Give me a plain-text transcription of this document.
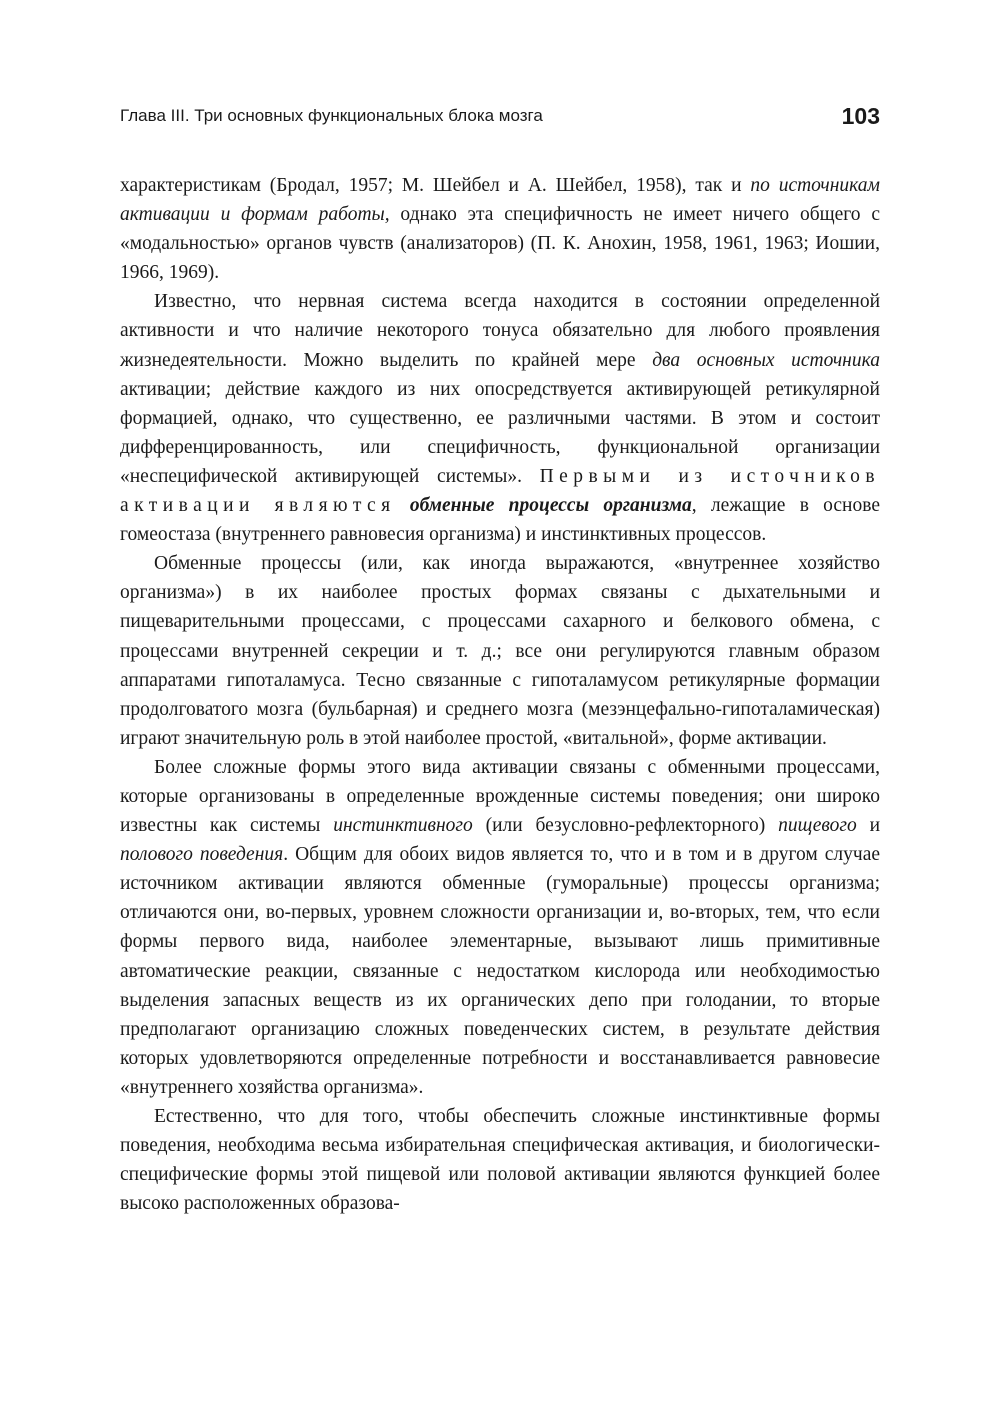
Глава III. Три основных функциональных блока мозга	103

характеристикам (Бродал, 1957; М. Шейбел и А. Шейбел, 1958), так и по источникам активации и формам работы, однако эта специфичность не имеет ничего общего с «модальностью» органов чувств (анализаторов) (П. К. Анохин, 1958, 1961, 1963; Иошии, 1966, 1969).

Известно, что нервная система всегда находится в состоянии определенной активности и что наличие некоторого тонуса обязательно для любого проявления жизнедеятельности. Можно выделить по крайней мере два основных источника активации; действие каждого из них опосредствуется активирующей ретикулярной формацией, однако, что существенно, ее различными частями. В этом и состоит дифференцированность, или специфичность, функциональной организации «неспецифической активирующей системы». Первыми из источников активации являются обменные процессы организма, лежащие в основе гомеостаза (внутреннего равновесия организма) и инстинктивных процессов.

Обменные процессы (или, как иногда выражаются, «внутреннее хозяйство организма») в их наиболее простых формах связаны с дыхательными и пищеварительными процессами, с процессами сахарного и белкового обмена, с процессами внутренней секреции и т. д.; все они регулируются главным образом аппаратами гипоталамуса. Тесно связанные с гипоталамусом ретикулярные формации продолговатого мозга (бульбарная) и среднего мозга (мезэнцефально-гипоталамическая) играют значительную роль в этой наиболее простой, «витальной», форме активации.

Более сложные формы этого вида активации связаны с обменными процессами, которые организованы в определенные врожденные системы поведения; они широко известны как системы инстинктивного (или безусловно-рефлекторного) пищевого и полового поведения. Общим для обоих видов является то, что и в том и в другом случае источником активации являются обменные (гуморальные) процессы организма; отличаются они, во-первых, уровнем сложности организации и, во-вторых, тем, что если формы первого вида, наиболее элементарные, вызывают лишь примитивные автоматические реакции, связанные с недостатком кислорода или необходимостью выделения запасных веществ из их органических депо при голодании, то вторые предполагают организацию сложных поведенческих систем, в результате действия которых удовлетворяются определенные потребности и восстанавливается равновесие «внутреннего хозяйства организма».

Естественно, что для того, чтобы обеспечить сложные инстинктивные формы поведения, необходима весьма избирательная специфическая активация, и биологически-специфические формы этой пищевой или половой активации являются функцией более высоко расположенных образова-
